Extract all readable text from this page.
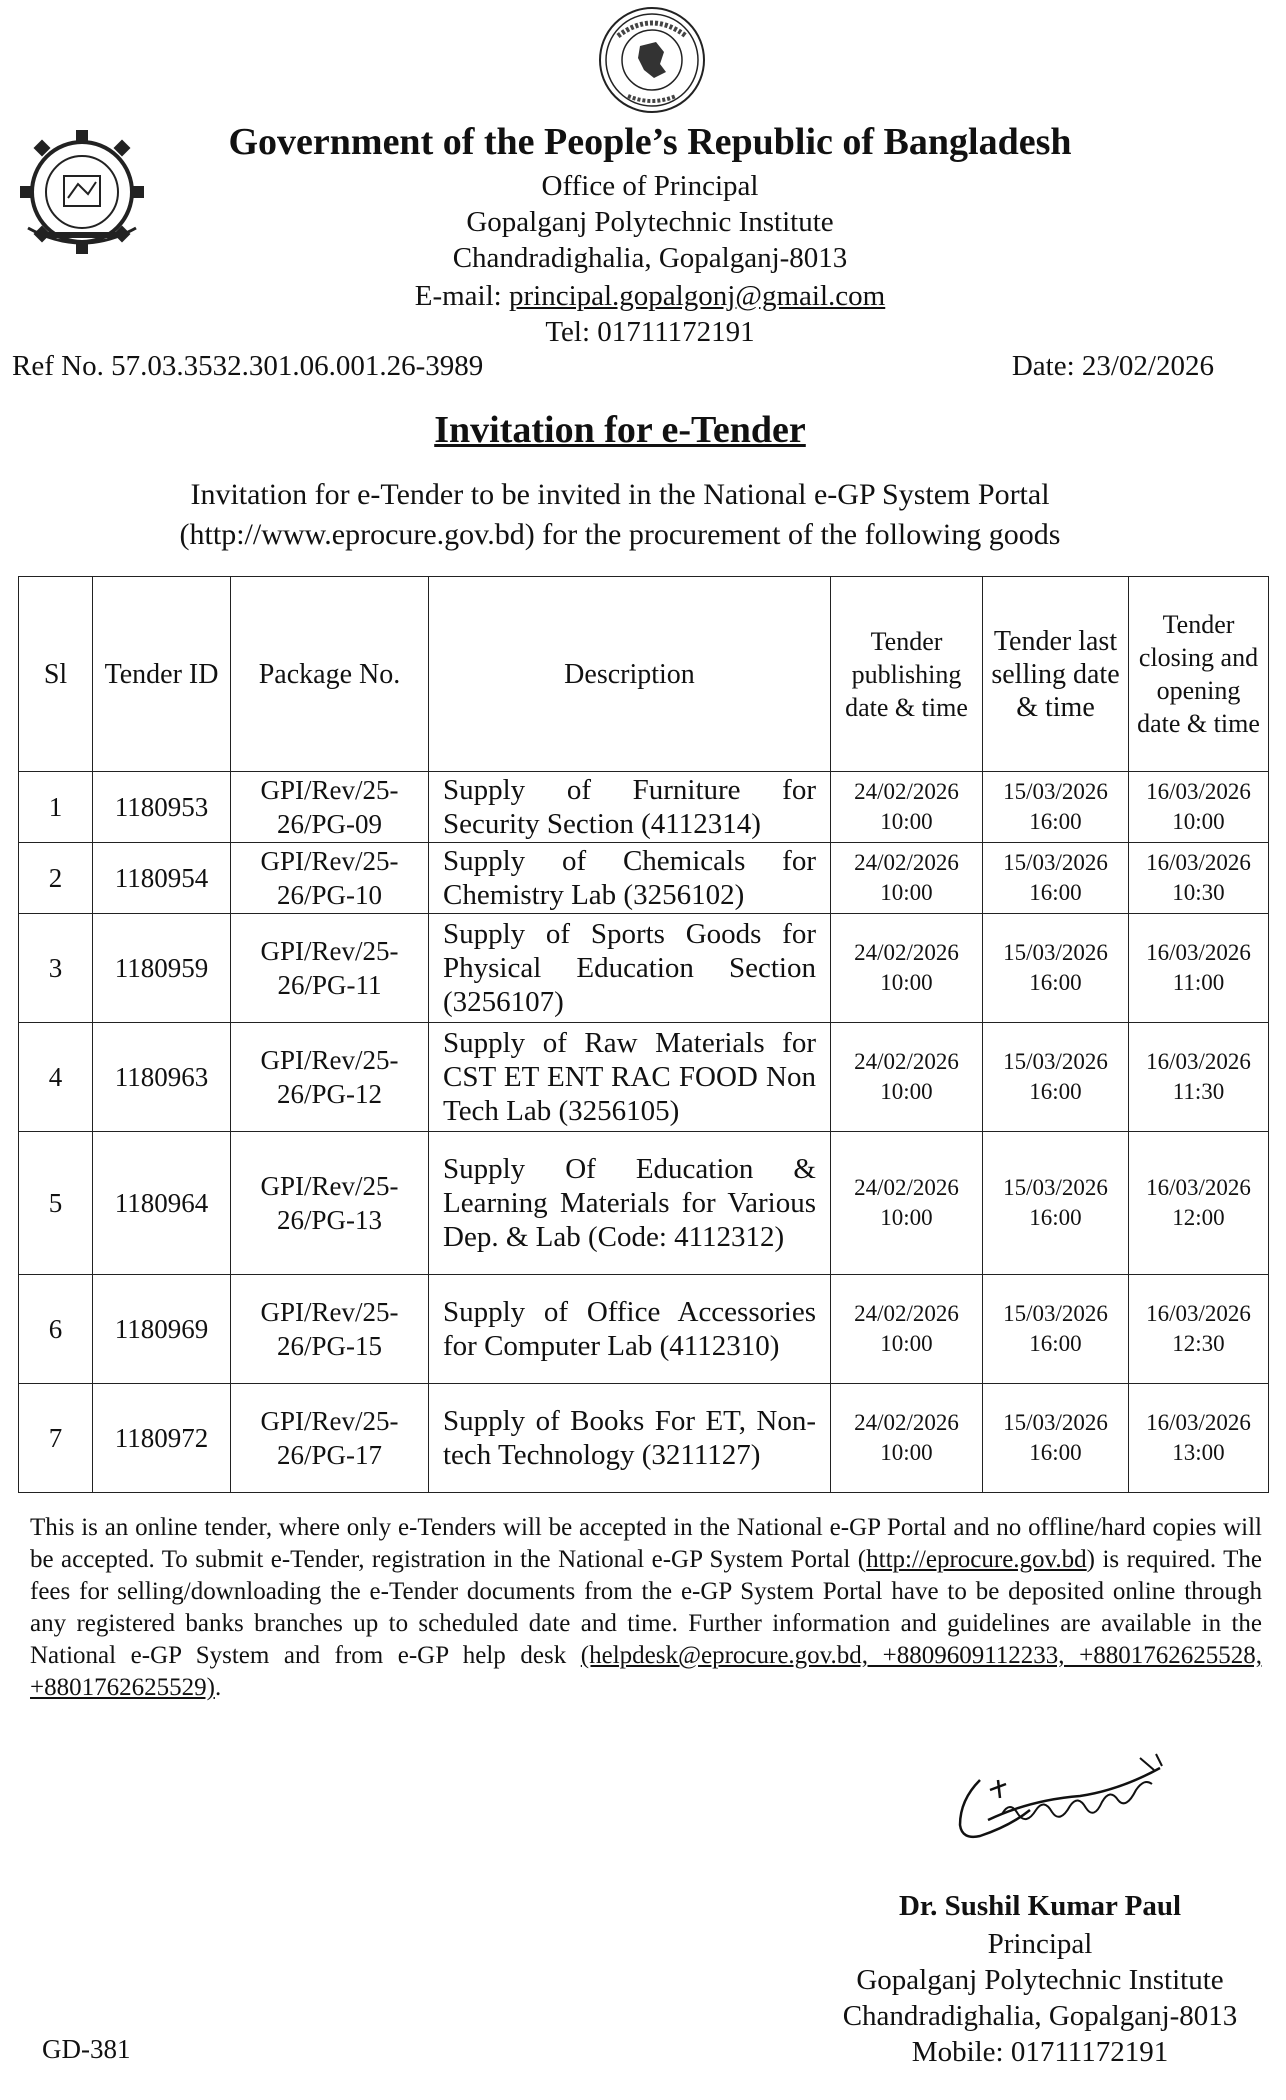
Government of the People’s Republic of Bangladesh
Office of Principal
Gopalganj Polytechnic Institute
Chandradighalia, Gopalganj-8013
E-mail: principal.gopalgonj@gmail.com
Tel: 01711172191
Ref No. 57.03.3532.301.06.001.26-3989	Date: 23/02/2026
Invitation for e-Tender
Invitation for e-Tender to be invited in the National e-GP System Portal
(http://www.eprocure.gov.bd) for the procurement of the following goods
Sl	Tender ID	Package No.	Description	Tender publishing date & time	Tender last selling date & time	Tender closing and opening date & time
1	1180953	GPI/Rev/25-26/PG-09	Supply of Furniture for Security Section (4112314)	24/02/2026 10:00	15/03/2026 16:00	16/03/2026 10:00
2	1180954	GPI/Rev/25-26/PG-10	Supply of Chemicals for Chemistry Lab (3256102)	24/02/2026 10:00	15/03/2026 16:00	16/03/2026 10:30
3	1180959	GPI/Rev/25-26/PG-11	Supply of Sports Goods for Physical Education Section (3256107)	24/02/2026 10:00	15/03/2026 16:00	16/03/2026 11:00
4	1180963	GPI/Rev/25-26/PG-12	Supply of Raw Materials for CST ET ENT RAC FOOD Non Tech Lab (3256105)	24/02/2026 10:00	15/03/2026 16:00	16/03/2026 11:30
5	1180964	GPI/Rev/25-26/PG-13	Supply Of Education & Learning Materials for Various Dep. & Lab (Code: 4112312)	24/02/2026 10:00	15/03/2026 16:00	16/03/2026 12:00
6	1180969	GPI/Rev/25-26/PG-15	Supply of Office Accessories for Computer Lab (4112310)	24/02/2026 10:00	15/03/2026 16:00	16/03/2026 12:30
7	1180972	GPI/Rev/25-26/PG-17	Supply of Books For ET, Non-tech Technology (3211127)	24/02/2026 10:00	15/03/2026 16:00	16/03/2026 13:00
This is an online tender, where only e-Tenders will be accepted in the National e-GP Portal and no offline/hard copies will be accepted. To submit e-Tender, registration in the National e-GP System Portal (http://eprocure.gov.bd) is required. The fees for selling/downloading the e-Tender documents from the e-GP System Portal have to be deposited online through any registered banks branches up to scheduled date and time. Further information and guidelines are available in the National e-GP System and from e-GP help desk (helpdesk@eprocure.gov.bd, +8809609112233, +8801762625528, +8801762625529).
Dr. Sushil Kumar Paul
Principal
Gopalganj Polytechnic Institute
Chandradighalia, Gopalganj-8013
Mobile: 01711172191
GD-381
